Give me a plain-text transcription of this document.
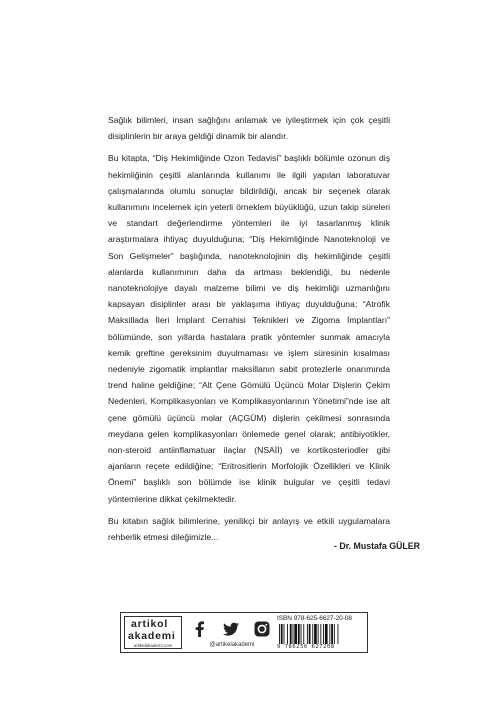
Sağlık bilimleri, insan sağlığını anlamak ve iyileştirmek için çok çeşitli disiplinlerin bir araya geldiği dinamik bir alandır.

Bu kitapta, “Diş Hekimliğinde Ozon Tedavisi” başlıklı bölümle ozonun diş hekimliğinin çeşitli alanlarında kullanımı ile ilgili yapılan laboratuvar çalışmalarında olumlu sonuçlar bildirildiği, ancak bir seçenek olarak kullanımını incelemek için yeterli örneklem büyüklüğü, uzun takip süreleri ve standart değerlendirme yöntemleri ile iyi tasarlanmış klinik araştırmalara ihtiyaç duyulduğuna; “Diş Hekimliğinde Nanoteknoloji ve Son Gelişmeler” başlığında, nanoteknolojinin diş hekimliğinde çeşitli alanlarda kullanımının daha da artması beklendiği, bu nedenle nanoteknolojiye dayalı malzeme bilimi ve diş hekimliği uzmanlığını kapsayan disiplinler arası bir yaklaşıma ihtiyaç duyulduğuna; “Atrofik Maksillada İleri İmplant Cerrahisi Teknikleri ve Zigoma İmplantları” bölümünde, son yıllarda hastalara pratik yöntemler sunmak amacıyla kemik greftine gereksinim duyulmaması ve işlem süresinin kısalması nedeniyle zigomatik implantlar maksillanın sabit protezlerle onarımında trend haline geldiğine; “Alt Çene Gömülü Üçüncü Molar Dişlerin Çekim Nedenleri, Komplikasyonları ve Komplikasyonlarının Yönetimi”nde ise alt çene gömülü üçüncü molar (AÇGÜM) dişlerin çekilmesi sonrasında meydana gelen komplikasyonları önlemede genel olarak; antibiyotikler, non-steroid antiinflamatuar ilaçlar (NSAİİ) ve kortikosteriodler gibi ajanların reçete edildiğine; “Eritrositlerin Morfolojik Özellikleri ve Klinik Önemi” başlıklı son bölümde ise klinik bulgular ve çeşitli tedavi yöntemlerine dikkat çekilmektedir.

Bu kitabın sağlık bilimlerine, yenilikçi bir anlayış ve etkili uygulamalara rehberlik etmesi dileğimizle...

- Dr. Mustafa GÜLER
artikol
akademi
artikelakademi.com	@artikelakademi
ISBN 978-625-6627-20-08
9 786256 627208
